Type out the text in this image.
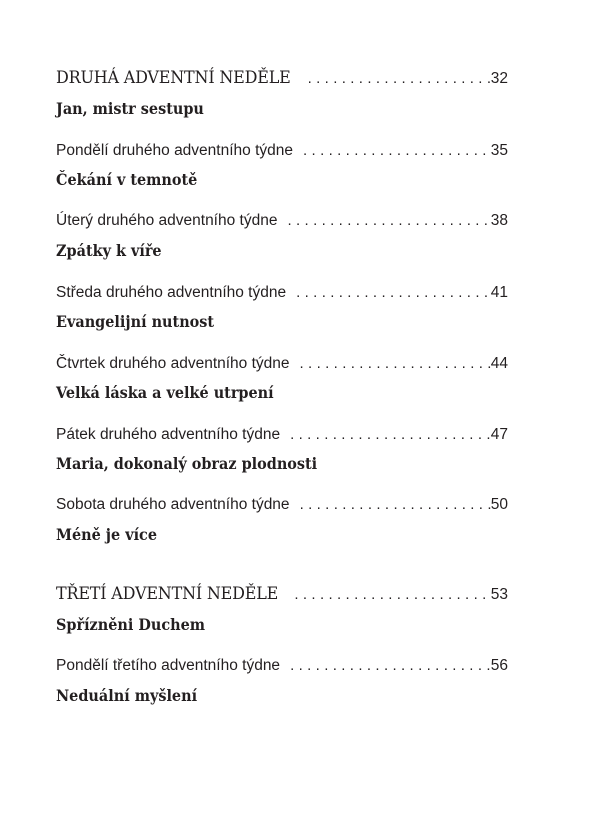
DRUHÁ ADVENTNÍ NEDĚLE . . .	32
Jan, mistr sestupu
Pondělí druhého adventního týdne . . .	35
Čekání v temnotě
Úterý druhého adventního týdne . . .	38
Zpátky k víře
Středa druhého adventního týdne . . .	41
Evangelijní nutnost
Čtvrtek druhého adventního týdne . . .	44
Velká láska a velké utrpení
Pátek druhého adventního týdne . . .	47
Maria, dokonalý obraz plodnosti
Sobota druhého adventního týdne . . .	50
Méně je více
TŘETÍ ADVENTNÍ NEDĚLE . . .	53
Spřízněni Duchem
Pondělí třetího adventního týdne . . .	56
Neduální myšlení
